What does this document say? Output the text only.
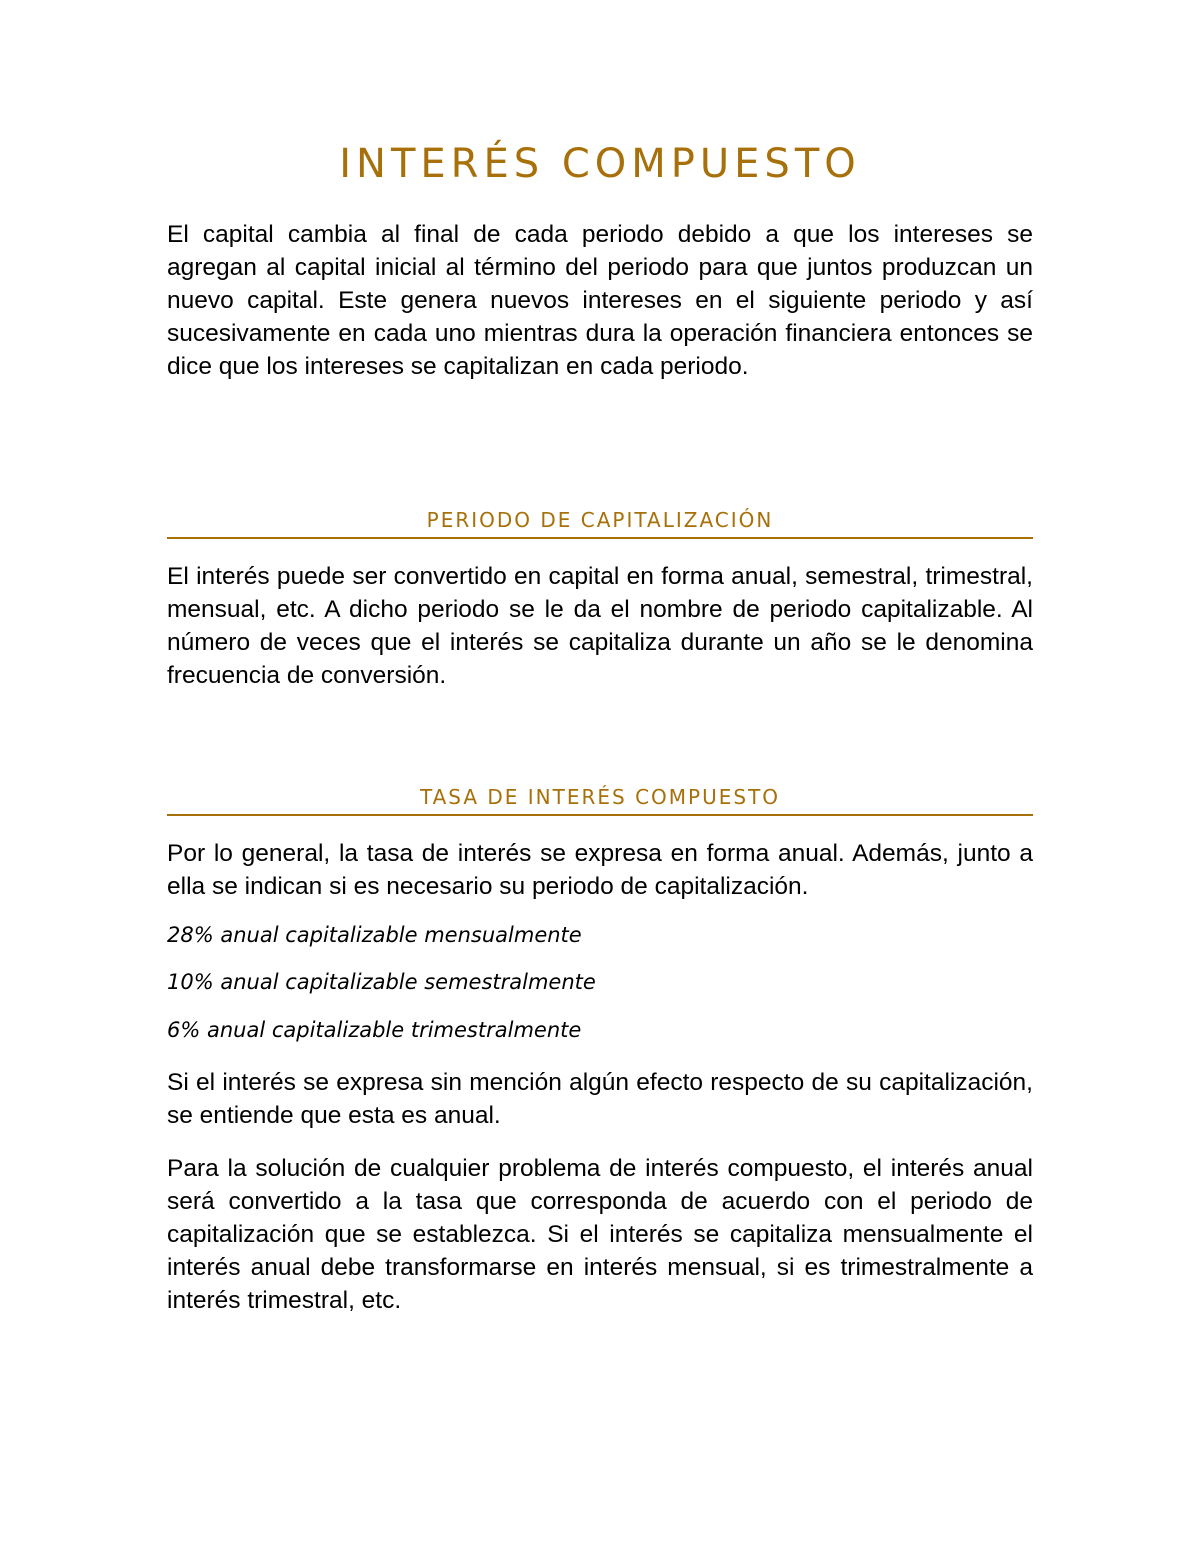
INTERÉS COMPUESTO

El capital cambia al final de cada periodo debido a que los intereses se agregan al capital inicial al término del periodo para que juntos produzcan un nuevo capital. Este genera nuevos intereses en el siguiente periodo y así sucesivamente en cada uno mientras dura la operación financiera entonces se dice que los intereses se capitalizan en cada periodo.

PERIODO DE CAPITALIZACIÓN

El interés puede ser convertido en capital en forma anual, semestral, trimestral, mensual, etc. A dicho periodo se le da el nombre de periodo capitalizable. Al número de veces que el interés se capitaliza durante un año se le denomina frecuencia de conversión.

TASA DE INTERÉS COMPUESTO

Por lo general, la tasa de interés se expresa en forma anual. Además, junto a ella se indican si es necesario su periodo de capitalización.

28% anual capitalizable mensualmente

10% anual capitalizable semestralmente

6% anual capitalizable trimestralmente

Si el interés se expresa sin mención algún efecto respecto de su capitalización, se entiende que esta es anual.

Para la solución de cualquier problema de interés compuesto, el interés anual será convertido a la tasa que corresponda de acuerdo con el periodo de capitalización que se establezca. Si el interés se capitaliza mensualmente el interés anual debe transformarse en interés mensual, si es trimestralmente a interés trimestral, etc.
